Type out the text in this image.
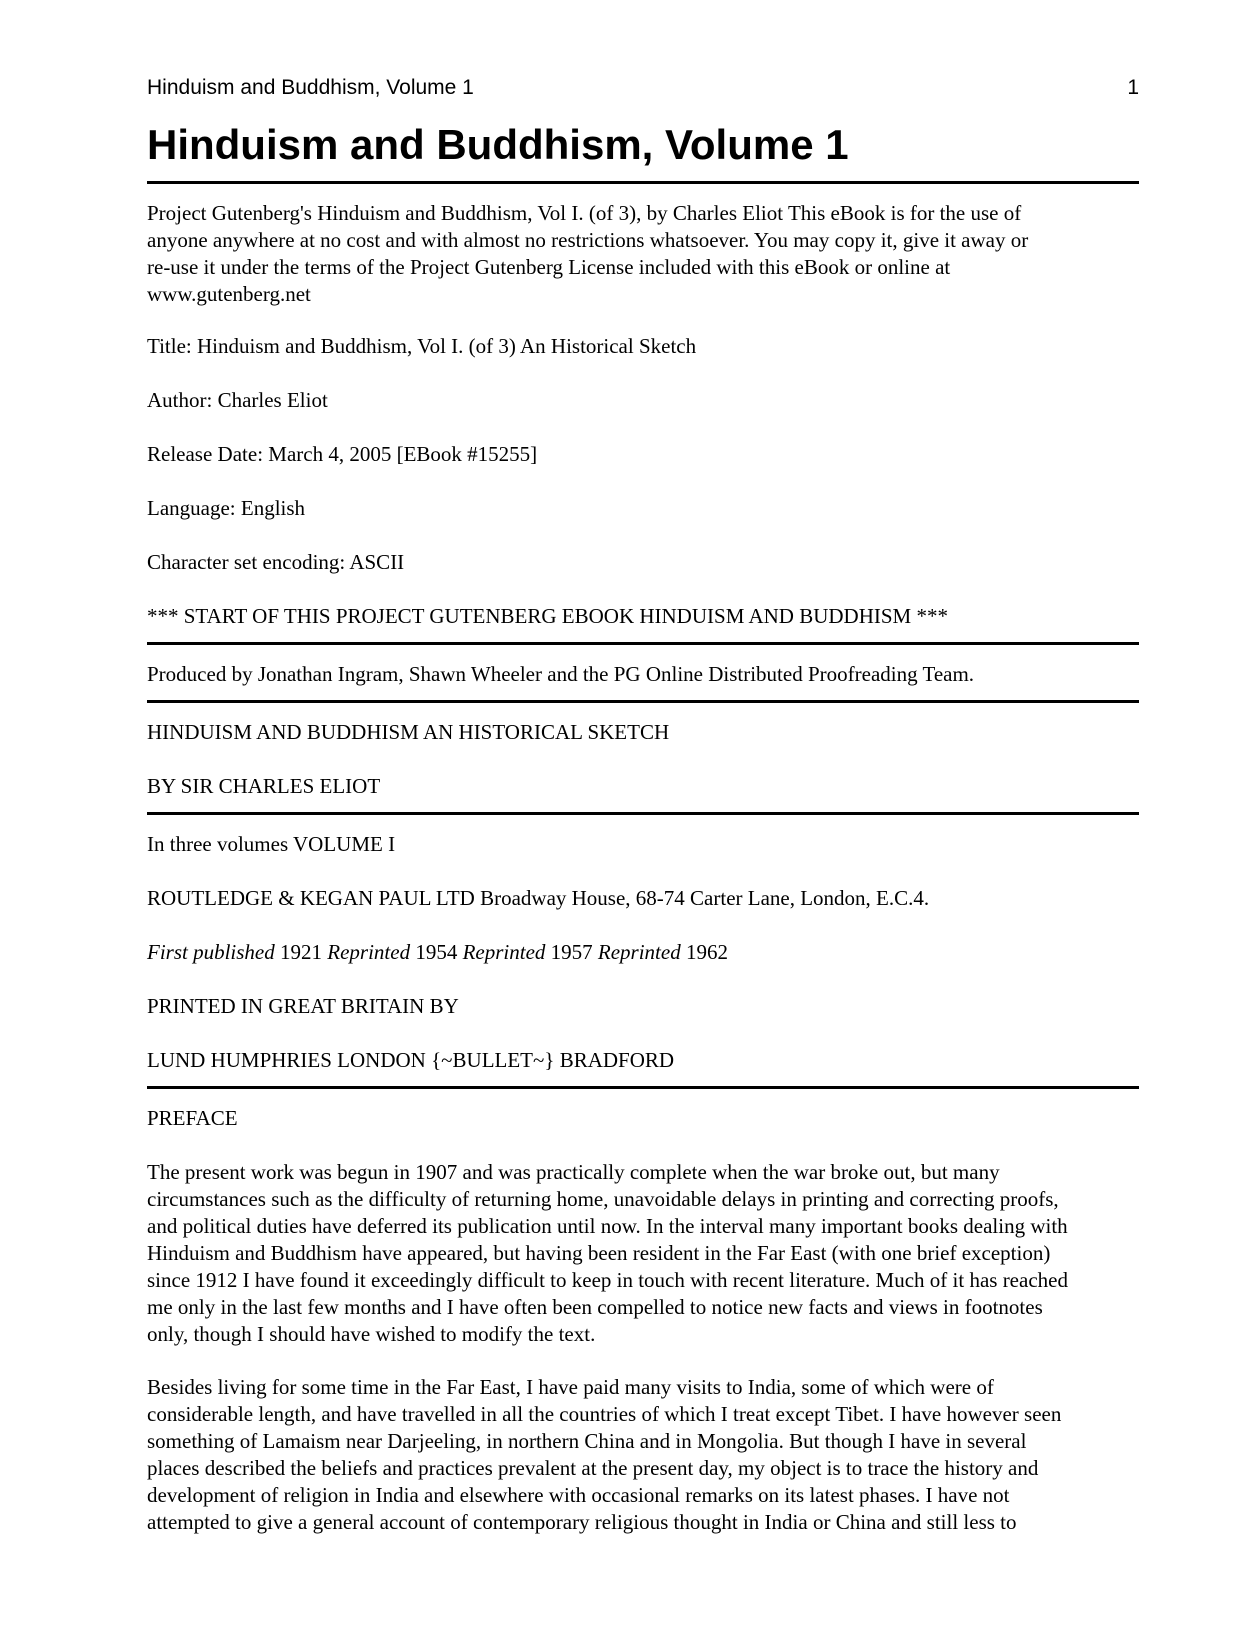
Hinduism and Buddhism, Volume 1	1
Hinduism and Buddhism, Volume 1
Project Gutenberg's Hinduism and Buddhism, Vol I. (of 3), by Charles Eliot This eBook is for the use of
anyone anywhere at no cost and with almost no restrictions whatsoever. You may copy it, give it away or
re-use it under the terms of the Project Gutenberg License included with this eBook or online at
www.gutenberg.net

Title: Hinduism and Buddhism, Vol I. (of 3) An Historical Sketch

Author: Charles Eliot

Release Date: March 4, 2005 [EBook #15255]

Language: English

Character set encoding: ASCII

*** START OF THIS PROJECT GUTENBERG EBOOK HINDUISM AND BUDDHISM ***

Produced by Jonathan Ingram, Shawn Wheeler and the PG Online Distributed Proofreading Team.

HINDUISM AND BUDDHISM AN HISTORICAL SKETCH

BY SIR CHARLES ELIOT

In three volumes VOLUME I

ROUTLEDGE & KEGAN PAUL LTD Broadway House, 68-74 Carter Lane, London, E.C.4.

First published 1921 Reprinted 1954 Reprinted 1957 Reprinted 1962

PRINTED IN GREAT BRITAIN BY

LUND HUMPHRIES LONDON {~BULLET~} BRADFORD

PREFACE

The present work was begun in 1907 and was practically complete when the war broke out, but many
circumstances such as the difficulty of returning home, unavoidable delays in printing and correcting proofs,
and political duties have deferred its publication until now. In the interval many important books dealing with
Hinduism and Buddhism have appeared, but having been resident in the Far East (with one brief exception)
since 1912 I have found it exceedingly difficult to keep in touch with recent literature. Much of it has reached
me only in the last few months and I have often been compelled to notice new facts and views in footnotes
only, though I should have wished to modify the text.
Besides living for some time in the Far East, I have paid many visits to India, some of which were of
considerable length, and have travelled in all the countries of which I treat except Tibet. I have however seen
something of Lamaism near Darjeeling, in northern China and in Mongolia. But though I have in several
places described the beliefs and practices prevalent at the present day, my object is to trace the history and
development of religion in India and elsewhere with occasional remarks on its latest phases. I have not
attempted to give a general account of contemporary religious thought in India or China and still less to
